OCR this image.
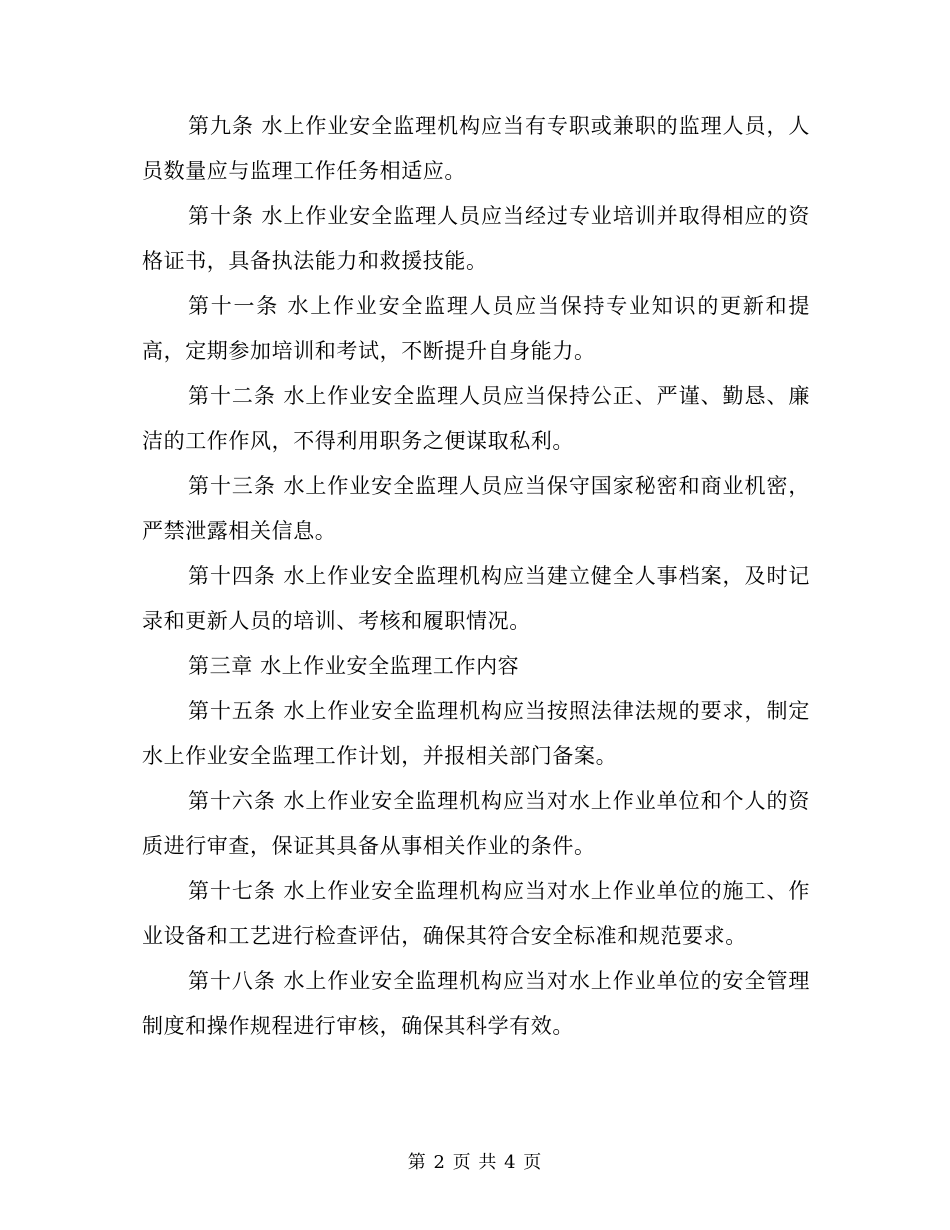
第九条 水上作业安全监理机构应当有专职或兼职的监理人员，人员数量应与监理工作任务相适应。

第十条 水上作业安全监理人员应当经过专业培训并取得相应的资格证书，具备执法能力和救援技能。

第十一条 水上作业安全监理人员应当保持专业知识的更新和提高，定期参加培训和考试，不断提升自身能力。

第十二条 水上作业安全监理人员应当保持公正、严谨、勤恳、廉洁的工作作风，不得利用职务之便谋取私利。

第十三条 水上作业安全监理人员应当保守国家秘密和商业机密，严禁泄露相关信息。

第十四条 水上作业安全监理机构应当建立健全人事档案，及时记录和更新人员的培训、考核和履职情况。

第三章 水上作业安全监理工作内容

第十五条 水上作业安全监理机构应当按照法律法规的要求，制定水上作业安全监理工作计划，并报相关部门备案。

第十六条 水上作业安全监理机构应当对水上作业单位和个人的资质进行审查，保证其具备从事相关作业的条件。

第十七条 水上作业安全监理机构应当对水上作业单位的施工、作业设备和工艺进行检查评估，确保其符合安全标准和规范要求。

第十八条 水上作业安全监理机构应当对水上作业单位的安全管理制度和操作规程进行审核，确保其科学有效。

第 2 页 共 4 页
